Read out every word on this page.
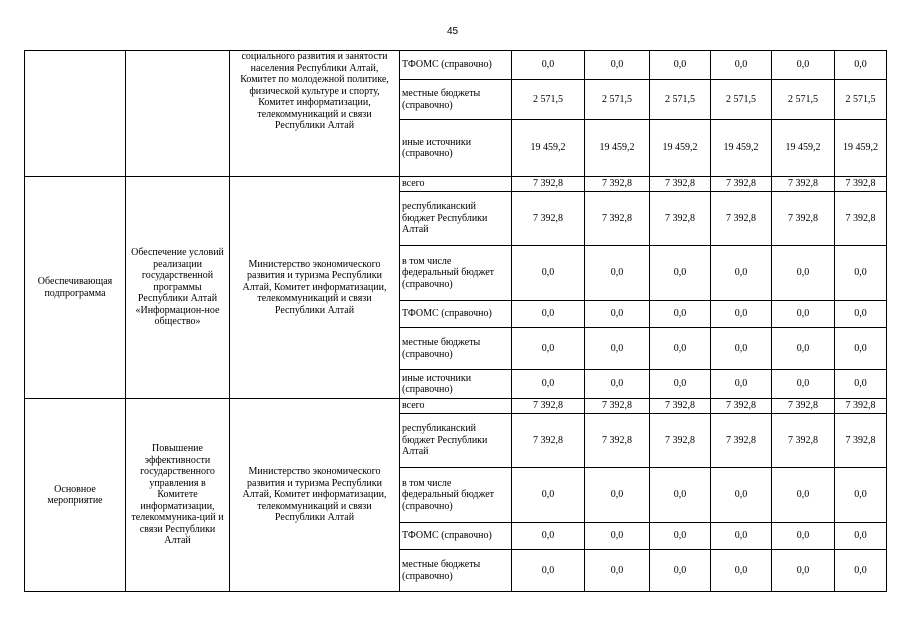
45
		социального развития и занятости населения Республики Алтай, Комитет по молодежной политике, физической культуре и спорту, Комитет информатизации, телекоммуникаций и связи Республики Алтай	ТФОМС (справочно)	0,0	0,0	0,0	0,0	0,0	0,0
			местные бюджеты (справочно)	2 571,5	2 571,5	2 571,5	2 571,5	2 571,5	2 571,5
			иные источники (справочно)	19 459,2	19 459,2	19 459,2	19 459,2	19 459,2	19 459,2
Обеспечивающая подпрограмма	Обеспечение условий реализации государственной программы Республики Алтай «Информацион-ное общество»	Министерство экономического развития и туризма Республики Алтай, Комитет информатизации, телекоммуникаций и связи Республики Алтай	всего	7 392,8	7 392,8	7 392,8	7 392,8	7 392,8	7 392,8
			республиканский бюджет Республики Алтай	7 392,8	7 392,8	7 392,8	7 392,8	7 392,8	7 392,8
			в том числе федеральный бюджет (справочно)	0,0	0,0	0,0	0,0	0,0	0,0
			ТФОМС (справочно)	0,0	0,0	0,0	0,0	0,0	0,0
			местные бюджеты (справочно)	0,0	0,0	0,0	0,0	0,0	0,0
			иные источники (справочно)	0,0	0,0	0,0	0,0	0,0	0,0
Основное мероприятие	Повышение эффективности государственного управления в Комитете информатизации, телекоммуника-ций и связи Республики Алтай	Министерство экономического развития и туризма Республики Алтай, Комитет информатизации, телекоммуникаций и связи Республики Алтай	всего	7 392,8	7 392,8	7 392,8	7 392,8	7 392,8	7 392,8
			республиканский бюджет Республики Алтай	7 392,8	7 392,8	7 392,8	7 392,8	7 392,8	7 392,8
			в том числе федеральный бюджет (справочно)	0,0	0,0	0,0	0,0	0,0	0,0
			ТФОМС (справочно)	0,0	0,0	0,0	0,0	0,0	0,0
			местные бюджеты (справочно)	0,0	0,0	0,0	0,0	0,0	0,0
